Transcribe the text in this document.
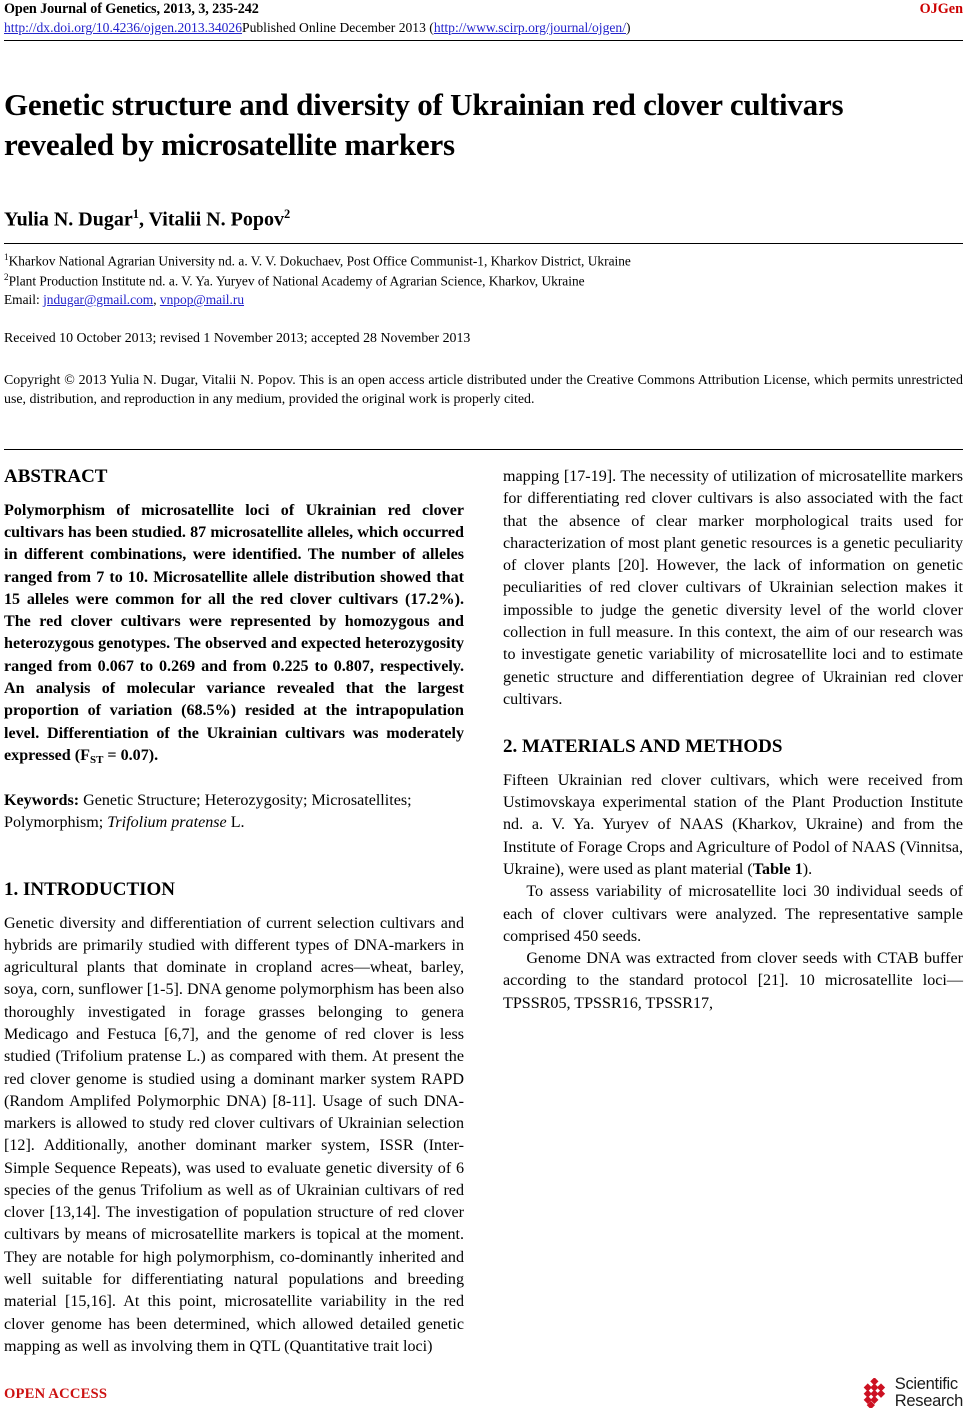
Open Journal of Genetics, 2013, 3, 235-242	OJGen
http://dx.doi.org/10.4236/ojgen.2013.34026Published Online December 2013 (http://www.scirp.org/journal/ojgen/)
Genetic structure and diversity of Ukrainian red clover cultivars revealed by microsatellite markers
Yulia N. Dugar$^1$, Vitalii N. Popov$^2$
$^1$Kharkov National Agrarian University nd. a. V. V. Dokuchaev, Post Office Communist-1, Kharkov District, Ukraine
$^2$Plant Production Institute nd. a. V. Ya. Yuryev of National Academy of Agrarian Science, Kharkov, Ukraine
Email: jndugar@gmail.com, vnpop@mail.ru
Received 10 October 2013; revised 1 November 2013; accepted 28 November 2013
Copyright © 2013 Yulia N. Dugar, Vitalii N. Popov. This is an open access article distributed under the Creative Commons Attribution License, which permits unrestricted use, distribution, and reproduction in any medium, provided the original work is properly cited.
ABSTRACT

Polymorphism of microsatellite loci of Ukrainian red clover cultivars has been studied. 87 microsatellite alleles, which occurred in different combinations, were identified. The number of alleles ranged from 7 to 10. Microsatellite allele distribution showed that 15 alleles were common for all the red clover cultivars (17.2%). The red clover cultivars were represented by homozygous and heterozygous genotypes. The observed and expected heterozygosity ranged from 0.067 to 0.269 and from 0.225 to 0.807, respectively. An analysis of molecular variance revealed that the largest proportion of variation (68.5%) resided at the intrapopulation level. Differentiation of the Ukrainian cultivars was moderately expressed $(F_{ST} = 0.07)$.

Keywords: Genetic Structure; Heterozygosity; Microsatellites; Polymorphism; Trifolium pratense L.

1. INTRODUCTION

Genetic diversity and differentiation of current selection cultivars and hybrids are primarily studied with different types of DNA-markers in agricultural plants that dominate in cropland acres—wheat, barley, soya, corn, sunflower [1-5]. DNA genome polymorphism has been also thoroughly investigated in forage grasses belonging to genera Medicago and Festuca [6,7], and the genome of red clover is less studied (Trifolium pratense L.) as compared with them. At present the red clover genome is studied using a dominant marker system RAPD (Random Amplifed Polymorphic DNA) [8-11]. Usage of such DNA-markers is allowed to study red clover cultivars of Ukrainian selection [12]. Additionally, another dominant marker system, ISSR (Inter-Simple Sequence Repeats), was used to evaluate genetic diversity of 6 species of the genus Trifolium as well as of Ukrainian cultivars of red clover [13,14]. The investigation of population structure of red clover cultivars by means of microsatellite markers is topical at the moment. They are notable for high polymorphism, co-dominantly inherited and well suitable for differentiating natural populations and breeding material [15,16]. At this point, microsatellite variability in the red clover genome has been determined, which allowed detailed genetic mapping as well as involving them in QTL (Quantitative trait loci)

OPEN ACCESS
Scientific
Research

mapping [17-19]. The necessity of utilization of microsatellite markers for differentiating red clover cultivars is also associated with the fact that the absence of clear marker morphological traits used for characterization of most plant genetic resources is a genetic peculiarity of clover plants [20]. However, the lack of information on genetic peculiarities of red clover cultivars of Ukrainian selection makes it impossible to judge the genetic diversity level of the world clover collection in full measure. In this context, the aim of our research was to investigate genetic variability of microsatellite loci and to estimate genetic structure and differentiation degree of Ukrainian red clover cultivars.

2. MATERIALS AND METHODS

Fifteen Ukrainian red clover cultivars, which were received from Ustimovskaya experimental station of the Plant Production Institute nd. a. V. Ya. Yuryev of NAAS (Kharkov, Ukraine) and from the Institute of Forage Crops and Agriculture of Podol of NAAS (Vinnitsa, Ukraine), were used as plant material (Table 1).

To assess variability of microsatellite loci 30 individual seeds of each of clover cultivars were analyzed. The representative sample comprised 450 seeds.

Genome DNA was extracted from clover seeds with CTAB buffer according to the standard protocol [21]. 10 microsatellite loci—TPSSR05, TPSSR16, TPSSR17,
